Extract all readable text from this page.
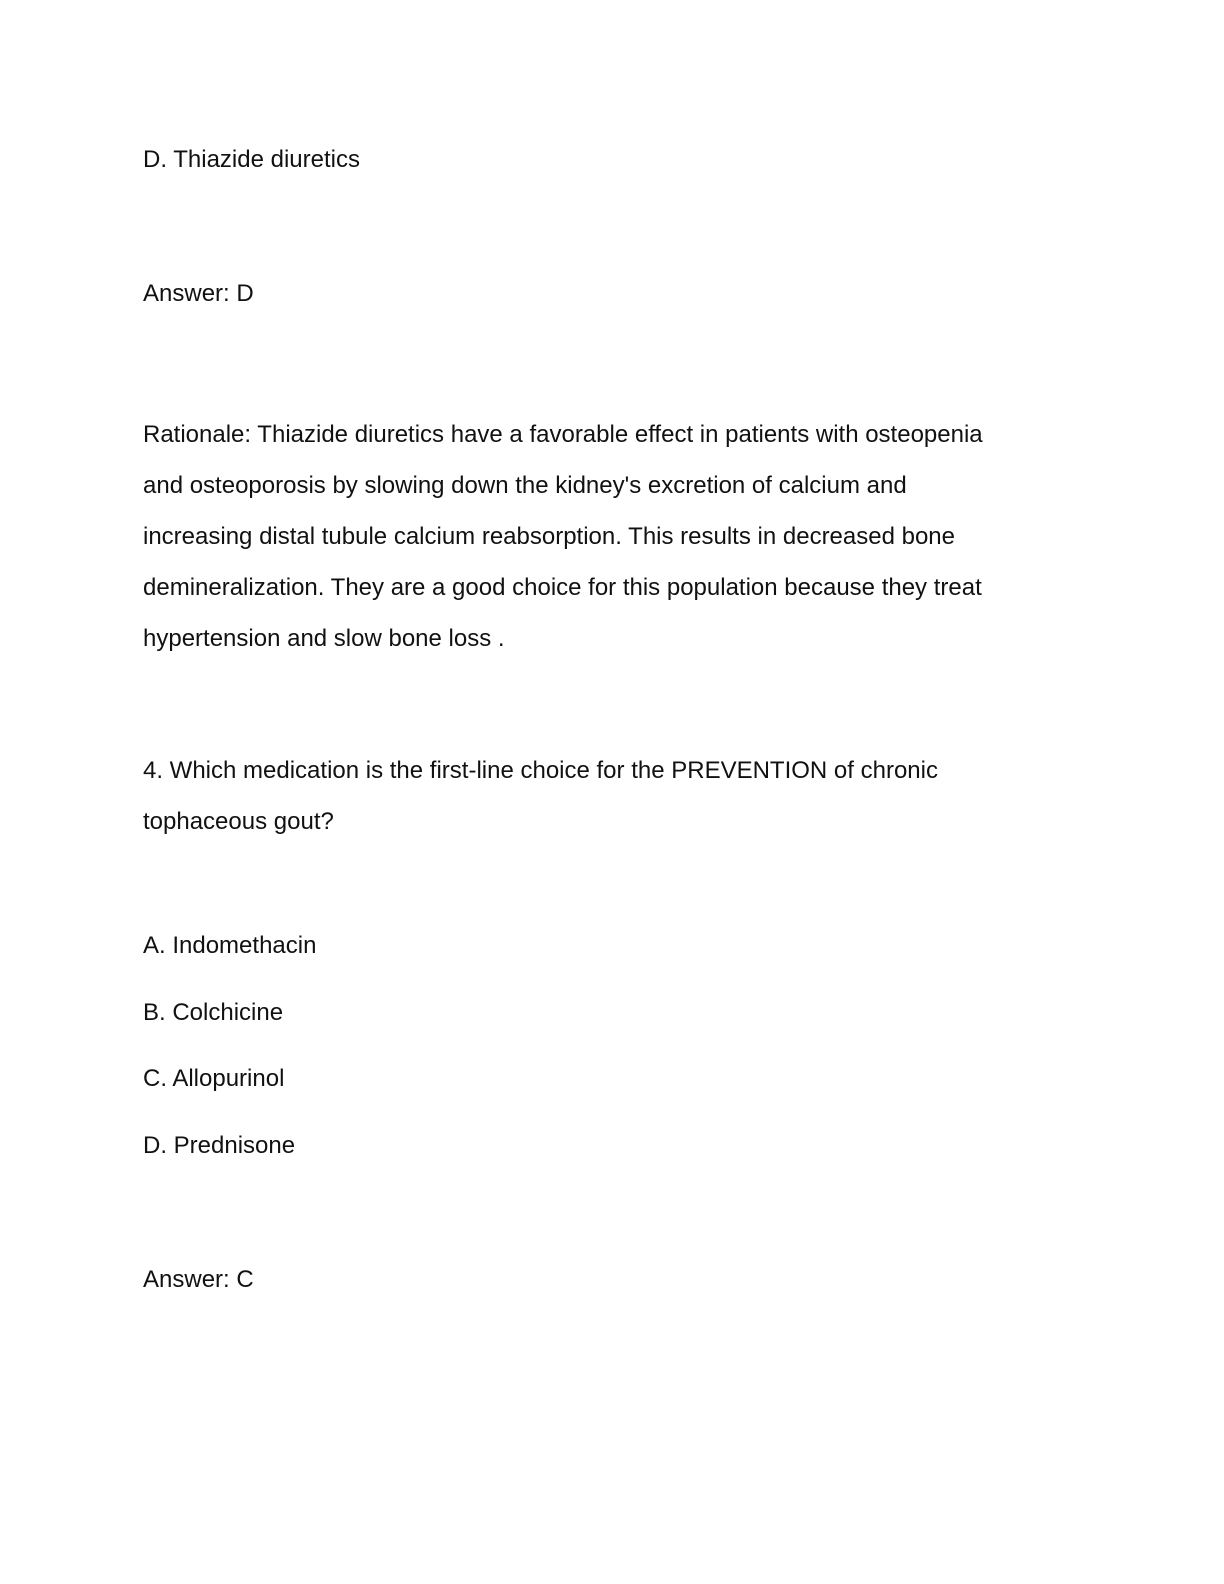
D. Thiazide diuretics
Answer: D
Rationale: Thiazide diuretics have a favorable effect in patients with osteopenia
and osteoporosis by slowing down the kidney's excretion of calcium and
increasing distal tubule calcium reabsorption. This results in decreased bone
demineralization. They are a good choice for this population because they treat
hypertension and slow bone loss .
4. Which medication is the first-line choice for the PREVENTION of chronic
tophaceous gout?
A. Indomethacin
B. Colchicine
C. Allopurinol
D. Prednisone
Answer: C
